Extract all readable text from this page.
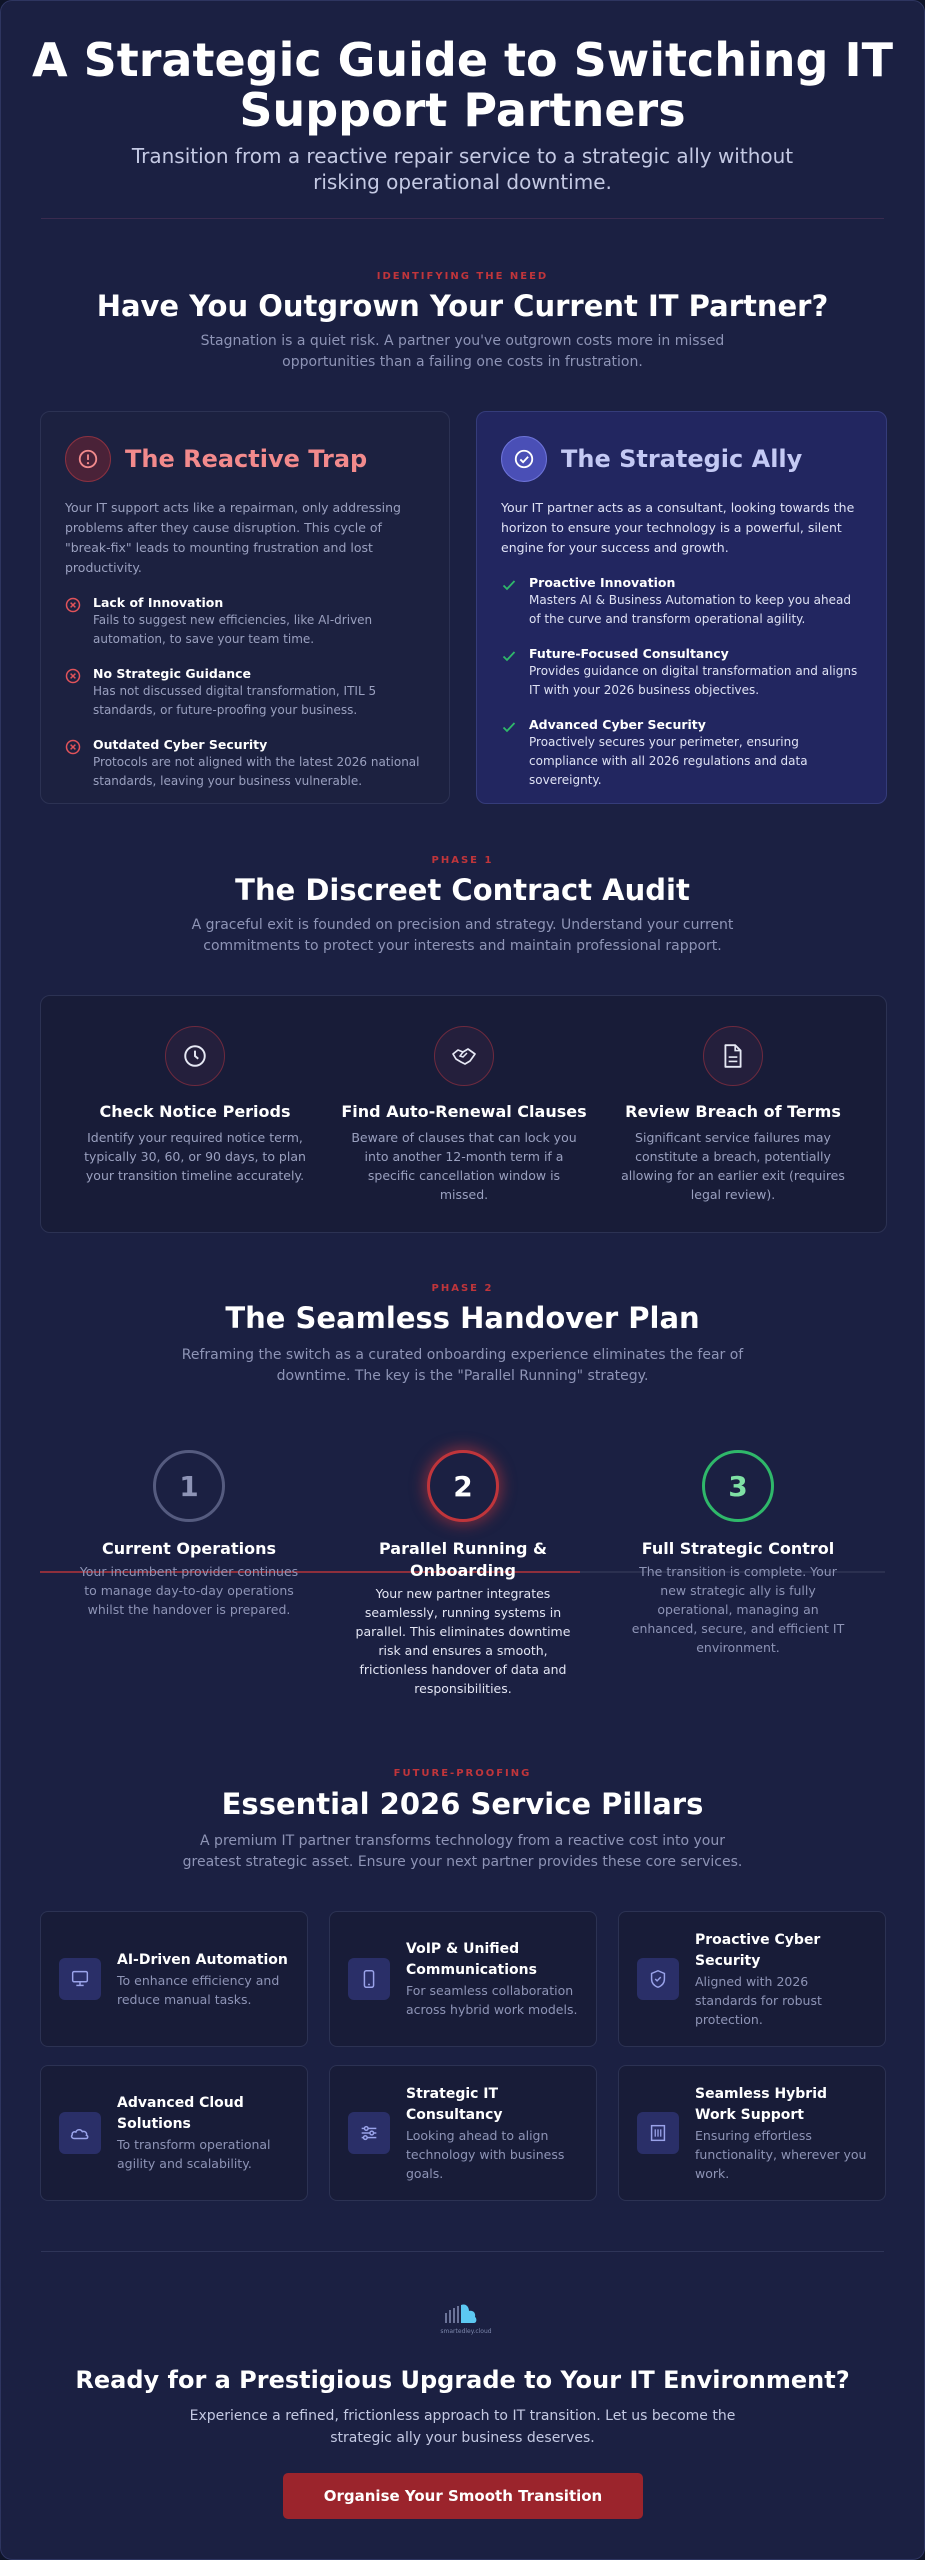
A Strategic Guide to Switching IT Support Partners
Transition from a reactive repair service to a strategic ally without risking operational downtime.
IDENTIFYING THE NEED
Have You Outgrown Your Current IT Partner?
Stagnation is a quiet risk. A partner you've outgrown costs more in missed opportunities than a failing one costs in frustration.
The Reactive Trap
Your IT support acts like a repairman, only addressing problems after they cause disruption. This cycle of "break-fix" leads to mounting frustration and lost productivity.
Lack of Innovation
Fails to suggest new efficiencies, like AI-driven automation, to save your team time.
No Strategic Guidance
Has not discussed digital transformation, ITIL 5 standards, or future-proofing your business.
Outdated Cyber Security
Protocols are not aligned with the latest 2026 national standards, leaving your business vulnerable.
The Strategic Ally
Your IT partner acts as a consultant, looking towards the horizon to ensure your technology is a powerful, silent engine for your success and growth.
Proactive Innovation
Masters AI & Business Automation to keep you ahead of the curve and transform operational agility.
Future-Focused Consultancy
Provides guidance on digital transformation and aligns IT with your 2026 business objectives.
Advanced Cyber Security
Proactively secures your perimeter, ensuring compliance with all 2026 regulations and data sovereignty.
PHASE 1
The Discreet Contract Audit
A graceful exit is founded on precision and strategy. Understand your current commitments to protect your interests and maintain professional rapport.
Check Notice Periods
Identify your required notice term, typically 30, 60, or 90 days, to plan your transition timeline accurately.
Find Auto-Renewal Clauses
Beware of clauses that can lock you into another 12-month term if a specific cancellation window is missed.
Review Breach of Terms
Significant service failures may constitute a breach, potentially allowing for an earlier exit (requires legal review).
PHASE 2
The Seamless Handover Plan
Reframing the switch as a curated onboarding experience eliminates the fear of downtime. The key is the "Parallel Running" strategy.
1
Current Operations
Your incumbent provider continues to manage day-to-day operations whilst the handover is prepared.
2
Parallel Running & Onboarding
Your new partner integrates seamlessly, running systems in parallel. This eliminates downtime risk and ensures a smooth, frictionless handover of data and responsibilities.
3
Full Strategic Control
The transition is complete. Your new strategic ally is fully operational, managing an enhanced, secure, and efficient IT environment.
FUTURE-PROOFING
Essential 2026 Service Pillars
A premium IT partner transforms technology from a reactive cost into your greatest strategic asset. Ensure your next partner provides these core services.
AI-Driven Automation
To enhance efficiency and reduce manual tasks.
VoIP & Unified Communications
For seamless collaboration across hybrid work models.
Proactive Cyber Security
Aligned with 2026 standards for robust protection.
Advanced Cloud Solutions
To transform operational agility and scalability.
Strategic IT Consultancy
Looking ahead to align technology with business goals.
Seamless Hybrid Work Support
Ensuring effortless functionality, wherever you work.
smartedley.cloud
Ready for a Prestigious Upgrade to Your IT Environment?
Experience a refined, frictionless approach to IT transition. Let us become the strategic ally your business deserves.
Organise Your Smooth Transition
